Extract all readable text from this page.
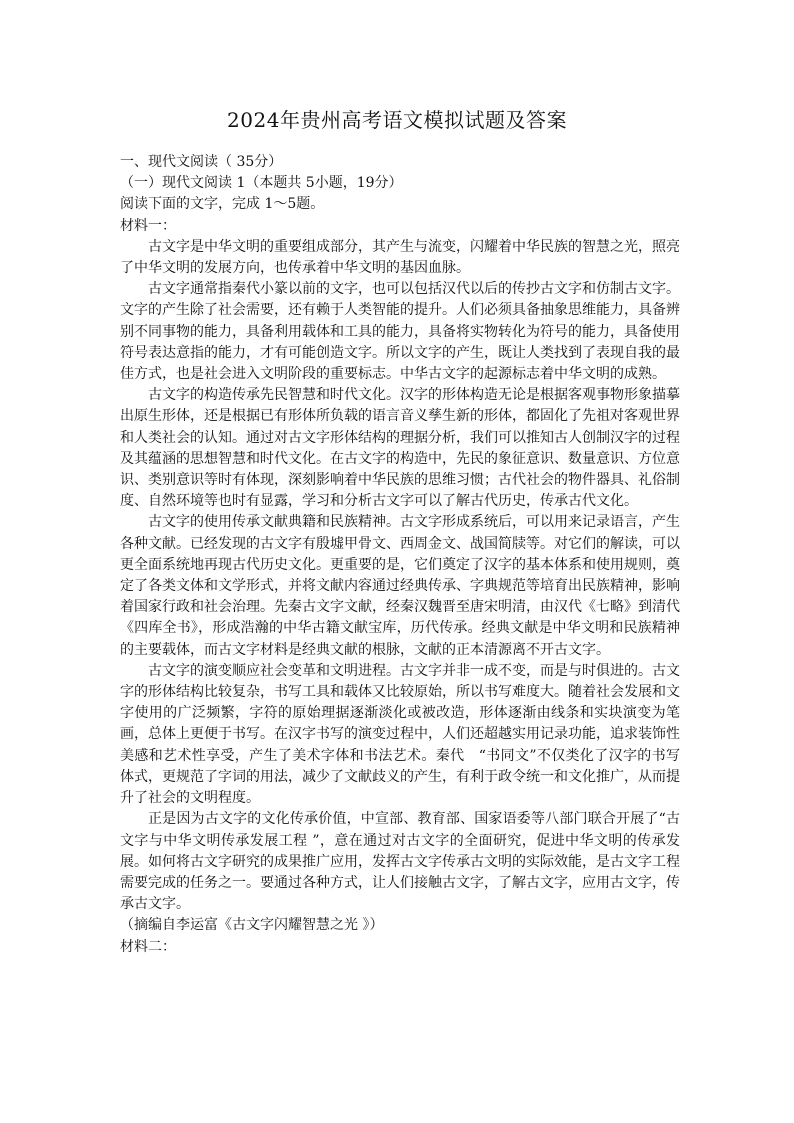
2024年贵州高考语文模拟试题及答案

一、现代文阅读（ 35分）

（一）现代文阅读 1（本题共 5小题，19分）

阅读下面的文字，完成 1～5题。

材料一：

古文字是中华文明的重要组成部分，其产生与流变，闪耀着中华民族的智慧之光，照亮了中华文明的发展方向，也传承着中华文明的基因血脉。

古文字通常指秦代小篆以前的文字，也可以包括汉代以后的传抄古文字和仿制古文字。文字的产生除了社会需要，还有赖于人类智能的提升。人们必须具备抽象思维能力，具备辨别不同事物的能力，具备利用载体和工具的能力，具备将实物转化为符号的能力，具备使用符号表达意指的能力，才有可能创造文字。所以文字的产生，既让人类找到了表现自我的最佳方式，也是社会进入文明阶段的重要标志。中华古文字的起源标志着中华文明的成熟。

古文字的构造传承先民智慧和时代文化。汉字的形体构造无论是根据客观事物形象描摹出原生形体，还是根据已有形体所负载的语言音义孳生新的形体，都固化了先祖对客观世界和人类社会的认知。通过对古文字形体结构的理据分析，我们可以推知古人创制汉字的过程及其蕴涵的思想智慧和时代文化。在古文字的构造中，先民的象征意识、数量意识、方位意识、类别意识等时有体现，深刻影响着中华民族的思维习惯；古代社会的物件器具、礼俗制度、自然环境等也时有显露，学习和分析古文字可以了解古代历史，传承古代文化。

古文字的使用传承文献典籍和民族精神。古文字形成系统后，可以用来记录语言，产生各种文献。已经发现的古文字有殷墟甲骨文、西周金文、战国简牍等。对它们的解读，可以更全面系统地再现古代历史文化。更重要的是，它们奠定了汉字的基本体系和使用规则，奠定了各类文体和文学形式，并将文献内容通过经典传承、字典规范等培育出民族精神，影响着国家行政和社会治理。先秦古文字文献，经秦汉魏晋至唐宋明清，由汉代《七略》到清代《四库全书》，形成浩瀚的中华古籍文献宝库，历代传承。经典文献是中华文明和民族精神的主要载体，而古文字材料是经典文献的根脉，文献的正本清源离不开古文字。

古文字的演变顺应社会变革和文明进程。古文字并非一成不变，而是与时俱进的。古文字的形体结构比较复杂，书写工具和载体又比较原始，所以书写难度大。随着社会发展和文字使用的广泛频繁，字符的原始理据逐渐淡化或被改造，形体逐渐由线条和实块演变为笔画，总体上更便于书写。在汉字书写的演变过程中，人们还超越实用记录功能，追求装饰性美感和艺术性享受，产生了美术字体和书法艺术。秦代　“书同文”不仅类化了汉字的书写体式，更规范了字词的用法，减少了文献歧义的产生，有利于政令统一和文化推广，从而提升了社会的文明程度。

正是因为古文字的文化传承价值，中宣部、教育部、国家语委等八部门联合开展了“古文字与中华文明传承发展工程 ”，意在通过对古文字的全面研究，促进中华文明的传承发展。如何将古文字研究的成果推广应用，发挥古文字传承古文明的实际效能，是古文字工程需要完成的任务之一。要通过各种方式，让人们接触古文字，了解古文字，应用古文字，传承古文字。

（摘编自李运富《古文字闪耀智慧之光 》）

材料二：
